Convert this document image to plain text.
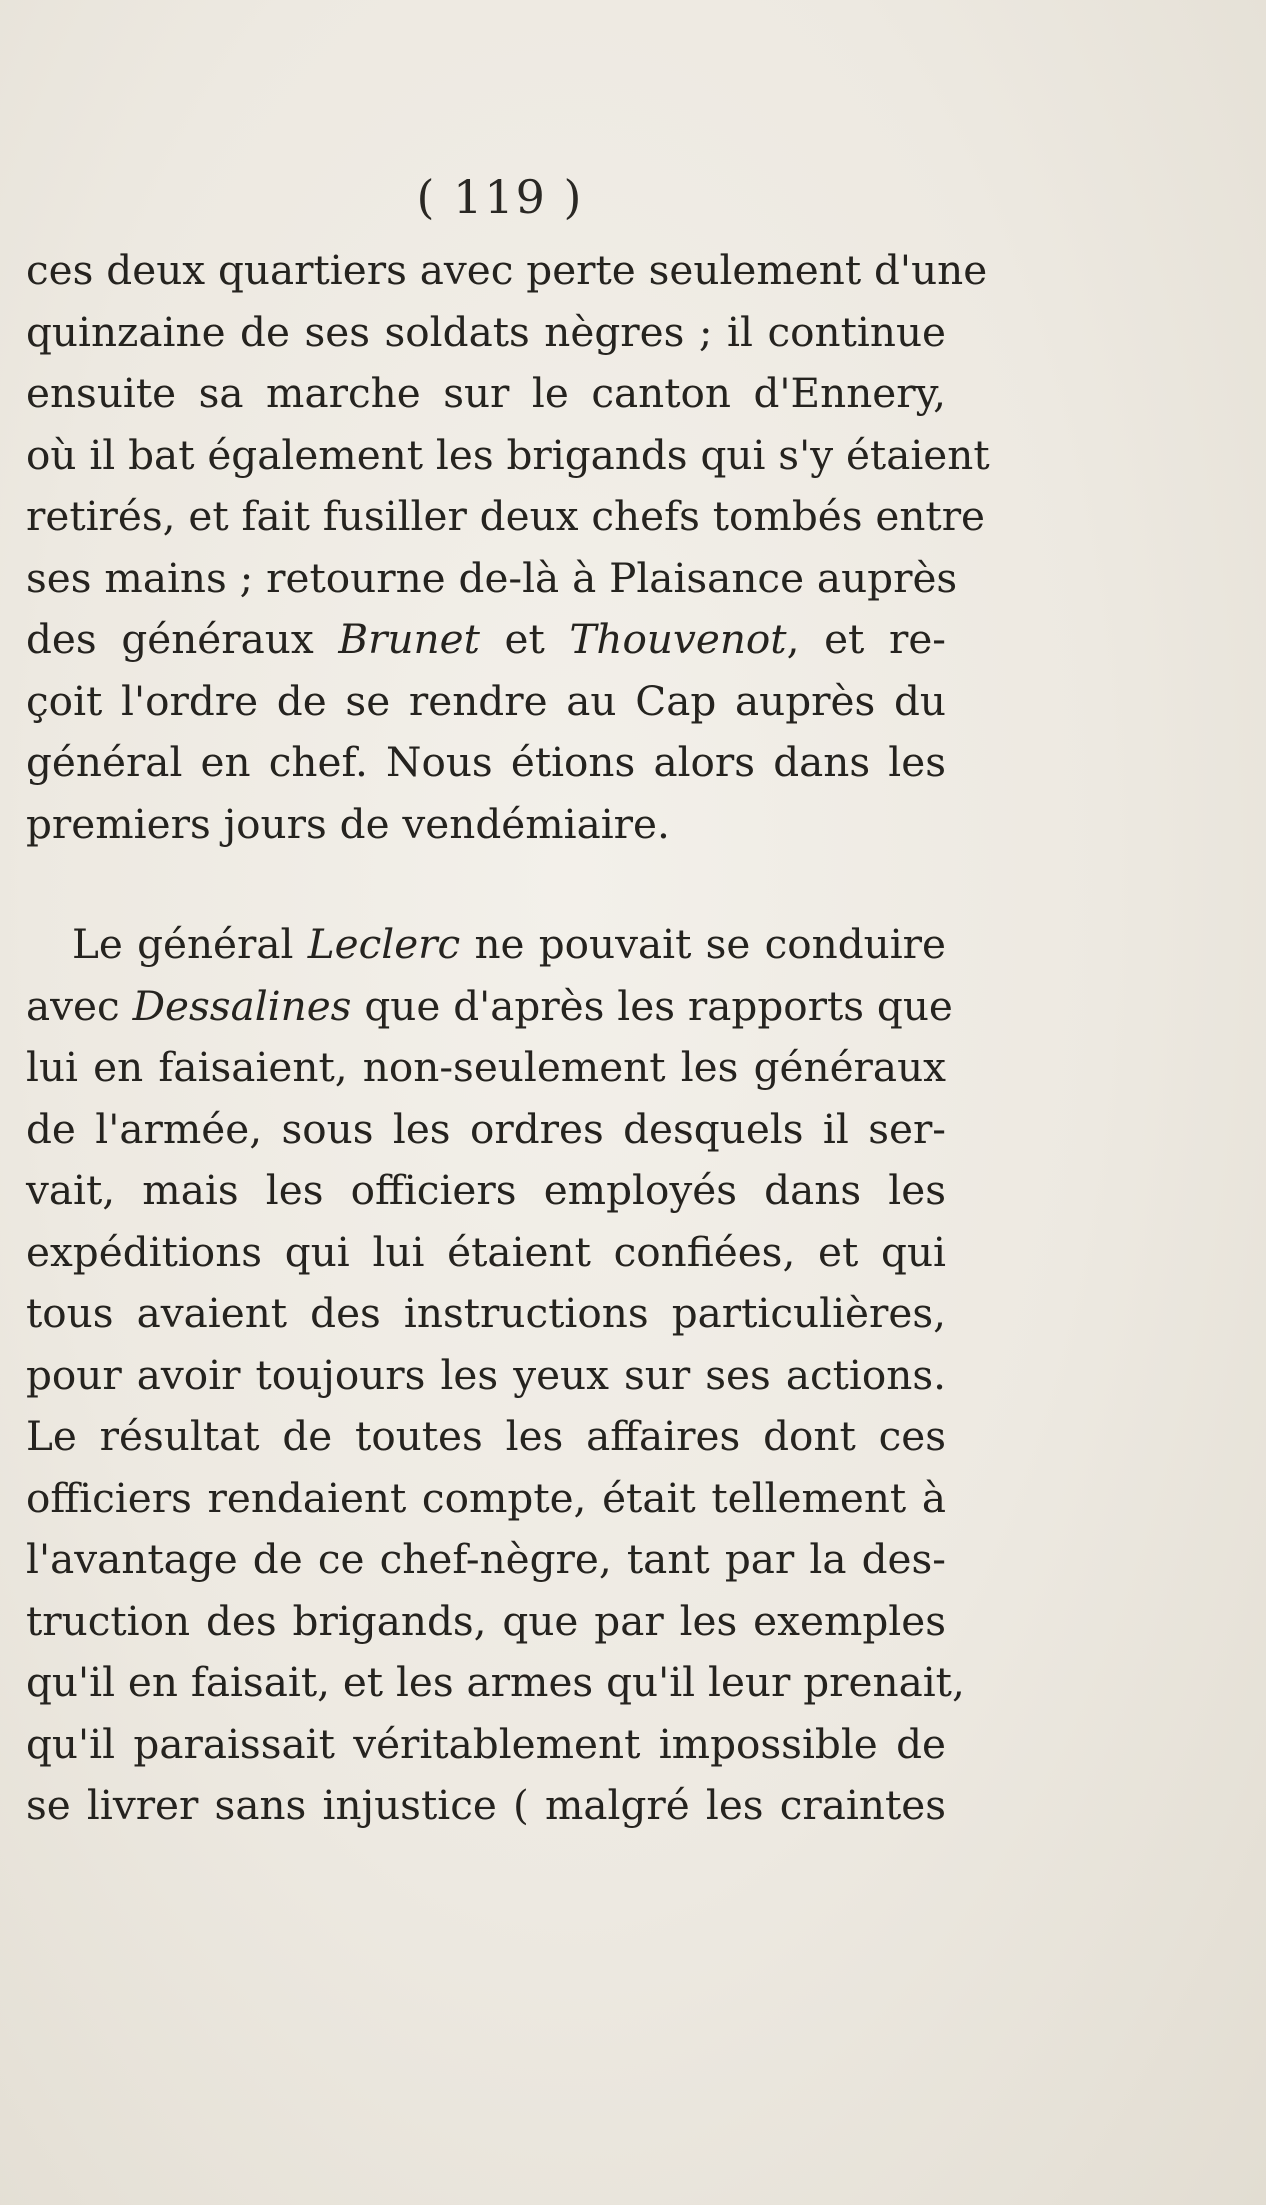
( 119 )
ces deux quartiers avec perte seulement d'une
quinzaine de ses soldats nègres ; il continue
ensuite sa marche sur le canton d'Ennery,
où il bat également les brigands qui s'y étaient
retirés, et fait fusiller deux chefs tombés entre
ses mains ; retourne de-là à Plaisance auprès
des généraux Brunet et Thouvenot, et re-
çoit l'ordre de se rendre au Cap auprès du
général en chef. Nous étions alors dans les
premiers jours de vendémiaire.
Le général Leclerc ne pouvait se conduire
avec Dessalines que d'après les rapports que
lui en faisaient, non-seulement les généraux
de l'armée, sous les ordres desquels il ser-
vait, mais les officiers employés dans les
expéditions qui lui étaient confiées, et qui
tous avaient des instructions particulières,
pour avoir toujours les yeux sur ses actions.
Le résultat de toutes les affaires dont ces
officiers rendaient compte, était tellement à
l'avantage de ce chef-nègre, tant par la des-
truction des brigands, que par les exemples
qu'il en faisait, et les armes qu'il leur prenait,
qu'il paraissait véritablement impossible de
se livrer sans injustice ( malgré les craintes
